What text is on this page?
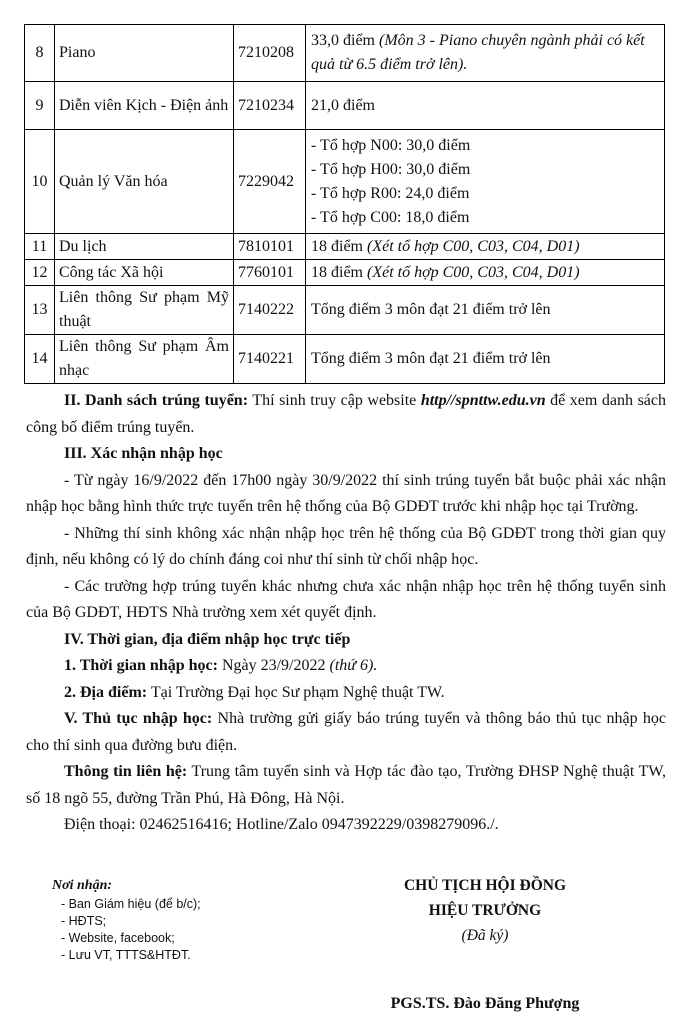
8	Piano	7210208	33,0 điểm (Môn 3 - Piano chuyên ngành phải có kết quả từ 6.5 điểm trở lên).
9	Diễn viên Kịch - Điện ảnh	7210234	21,0 điểm
10	Quản lý Văn hóa	7229042	- Tổ hợp N00: 30,0 điểm
- Tổ hợp H00: 30,0 điểm
- Tổ hợp R00: 24,0 điểm
- Tổ hợp C00: 18,0 điểm

11	Du lịch	7810101	18 điểm (Xét tổ hợp C00, C03, C04, D01)
12	Công tác Xã hội	7760101	18 điểm (Xét tổ hợp C00, C03, C04, D01)
13	Liên thông Sư phạm Mỹ thuật	7140222	Tổng điểm 3 môn đạt 21 điểm trở lên
14	Liên thông Sư phạm Âm nhạc	7140221	Tổng điểm 3 môn đạt 21 điểm trở lên

II. Danh sách trúng tuyển: Thí sinh truy cập website http//spnttw.edu.vn để xem danh sách công bố điểm trúng tuyển.

III. Xác nhận nhập học

- Từ ngày 16/9/2022 đến 17h00 ngày 30/9/2022 thí sinh trúng tuyển bắt buộc phải xác nhận nhập học bằng hình thức trực tuyến trên hệ thống của Bộ GDĐT trước khi nhập học tại Trường.

- Những thí sinh không xác nhận nhập học trên hệ thống của Bộ GDĐT trong thời gian quy định, nếu không có lý do chính đáng coi như thí sinh từ chối nhập học.

- Các trường hợp trúng tuyển khác nhưng chưa xác nhận nhập học trên hệ thống tuyển sinh của Bộ GDĐT, HĐTS Nhà trường xem xét quyết định.

IV. Thời gian, địa điểm nhập học trực tiếp

1. Thời gian nhập học: Ngày 23/9/2022 (thứ 6).

2. Địa điểm: Tại Trường Đại học Sư phạm Nghệ thuật TW.

V. Thủ tục nhập học: Nhà trường gửi giấy báo trúng tuyển và thông báo thủ tục nhập học cho thí sinh qua đường bưu điện.

Thông tin liên hệ: Trung tâm tuyển sinh và Hợp tác đào tạo, Trường ĐHSP Nghệ thuật TW, số 18 ngõ 55, đường Trần Phú, Hà Đông, Hà Nội.

Điện thoại: 02462516416; Hotline/Zalo 0947392229/0398279096./.

Nơi nhận:
- Ban Giám hiệu (để b/c);
- HĐTS;
- Website, facebook;
- Lưu VT, TTTS&HTĐT.
CHỦ TỊCH HỘI ĐỒNG
HIỆU TRƯỞNG
(Đã ký)
PGS.TS. Đào Đăng Phượng
